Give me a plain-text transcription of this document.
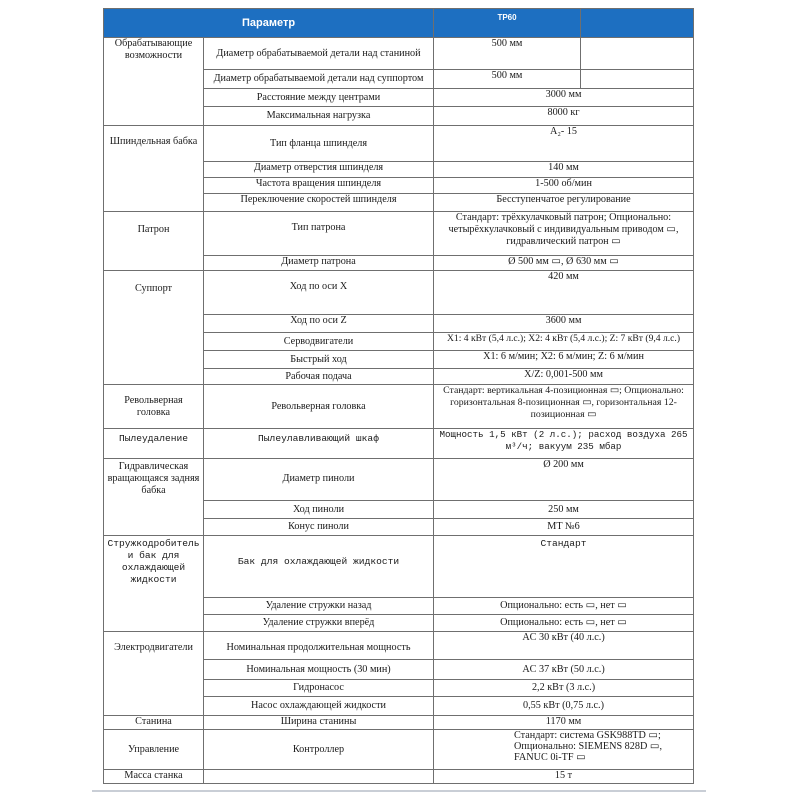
Параметр		TP60	
Обрабатывающие возможности	Диаметр обрабатываемой детали над станиной	500 мм	
	Диаметр обрабатываемой детали над суппортом	500 мм	
	Расстояние между центрами	3000 мм	
	Максимальная нагрузка	8000 кг	
Шпиндельная бабка	Тип фланца шпинделя	A₂- 15	
	Диаметр отверстия шпинделя	140 мм	
	Частота вращения шпинделя	1-500 об/мин	
	Переключение скоростей шпинделя	Бесступенчатое регулирование	
Патрон	Тип патрона	Стандарт: трёхкулачковый патрон; Опционально: четырёхкулачковый с индивидуальным приводом ▭, гидравлический патрон ▭	
	Диаметр патрона	Ø 500 мм ▭, Ø 630 мм ▭	
Суппорт	Ход по оси X	420 мм	
	Ход по оси Z	3600 мм	
	Серводвигатели	X1: 4 кВт (5,4 л.с.); X2: 4 кВт (5,4 л.с.); Z: 7 кВт (9,4 л.с.)	
	Быстрый ход	X1: 6 м/мин; X2: 6 м/мин; Z: 6 м/мин	
	Рабочая подача	X/Z: 0,001-500 мм	
Револьверная головка	Револьверная головка	Стандарт: вертикальная 4-позиционная ▭; Опционально: горизонтальная 8-позиционная ▭, горизонтальная 12-позиционная ▭	
Пылеудаление	Пылеулавливающий шкаф	Мощность 1,5 кВт (2 л.с.); расход воздуха 265 м³/ч; вакуум 235 мбар	
Гидравлическая вращающаяся задняя бабка	Диаметр пиноли	Ø 200 мм	
	Ход пиноли	250 мм	
	Конус пиноли	MT №6	
Стружкодробитель и бак для охлаждающей жидкости	Бак для охлаждающей жидкости	Стандарт	
	Удаление стружки назад	Опционально: есть ▭, нет ▭	
	Удаление стружки вперёд	Опционально: есть ▭, нет ▭	
Электродвигатели	Номинальная продолжительная мощность	AC 30 кВт (40 л.с.)	
	Номинальная мощность (30 мин)	AC 37 кВт (50 л.с.)	
	Гидронасос	2,2 кВт (3 л.с.)	
	Насос охлаждающей жидкости	0,55 кВт (0,75 л.с.)	
Станина	Ширина станины	1170 мм	
Управление	Контроллер	Стандарт: система GSK988TD ▭; Опционально: SIEMENS 828D ▭, FANUC 0i-TF ▭	
Масса станка		15 т	
